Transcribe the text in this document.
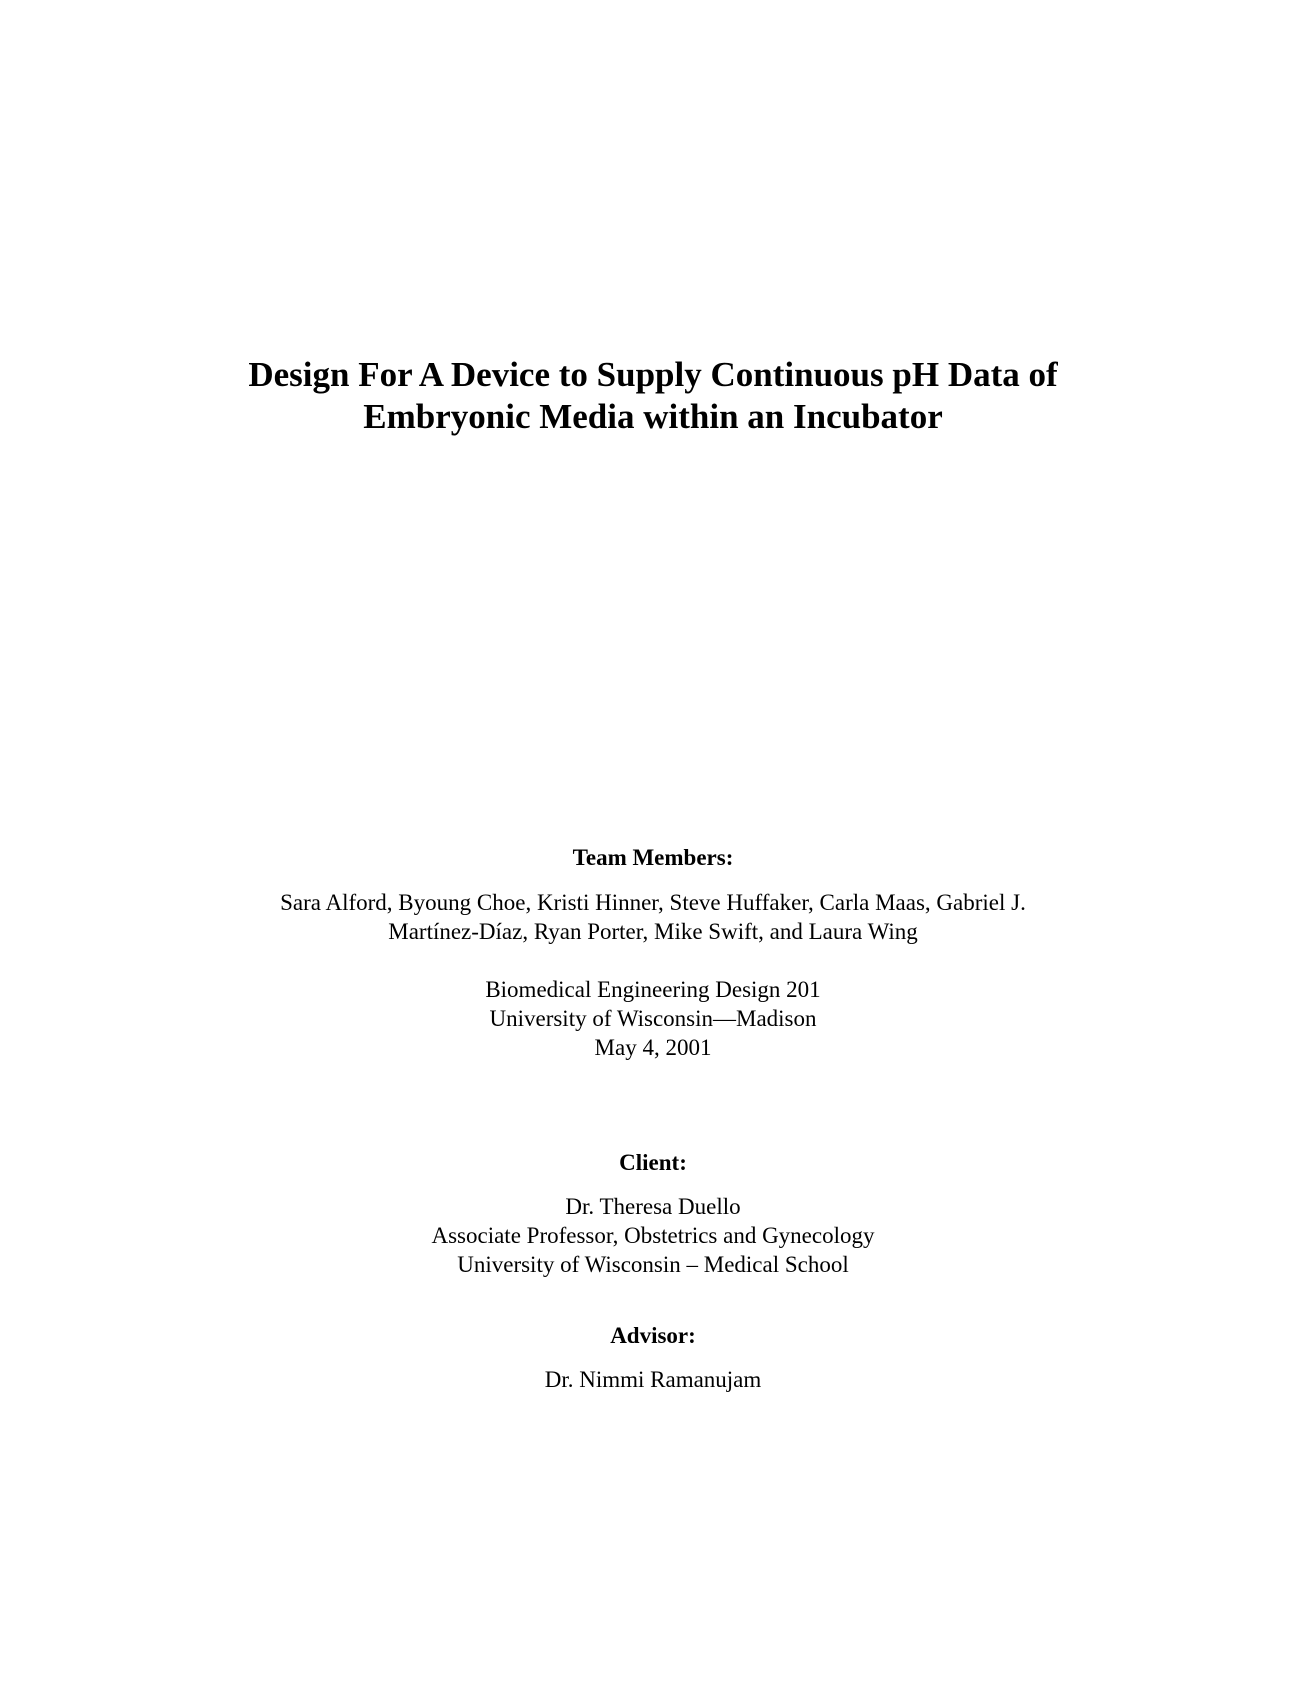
Design For A Device to Supply Continuous pH Data of
Embryonic Media within an Incubator
Team Members:
Sara Alford, Byoung Choe, Kristi Hinner, Steve Huffaker, Carla Maas, Gabriel J.
Martínez-Díaz, Ryan Porter, Mike Swift, and Laura Wing
Biomedical Engineering Design 201
University of Wisconsin—Madison
May 4, 2001
Client:
Dr. Theresa Duello
Associate Professor, Obstetrics and Gynecology
University of Wisconsin – Medical School
Advisor:
Dr. Nimmi Ramanujam
